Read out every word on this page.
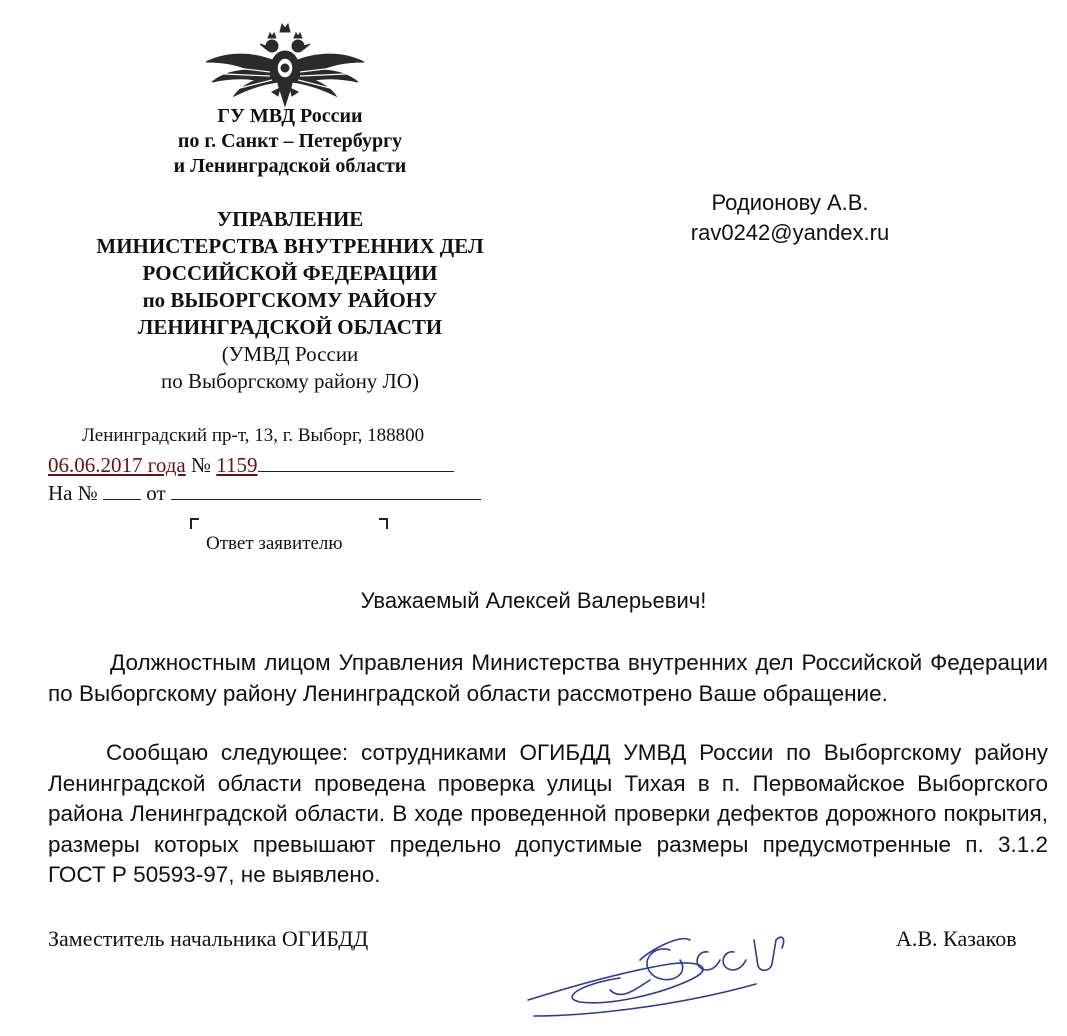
ГУ МВД России
по г. Санкт – Петербургу
и Ленинградской области
УПРАВЛЕНИЕ
МИНИСТЕРСТВА ВНУТРЕННИХ ДЕЛ
РОССИЙСКОЙ ФЕДЕРАЦИИ
по ВЫБОРГСКОМУ РАЙОНУ
ЛЕНИНГРАДСКОЙ ОБЛАСТИ
(УМВД России
по Выборгскому району ЛО)
Ленинградский пр-т, 13, г. Выборг, 188800
06.06.2017 года № 1159
На № от
Ответ заявителю
Родионову А.В.
rav0242@yandex.ru
Уважаемый Алексей Валерьевич!
Должностным лицом Управления Министерства внутренних дел Российской Федерации по Выборгскому району Ленинградской области рассмотрено Ваше обращение.
Сообщаю следующее: сотрудниками ОГИБДД УМВД России по Выборгскому району Ленинградской области проведена проверка улицы Тихая в п. Первомайское Выборгского района Ленинградской области. В ходе проведенной проверки дефектов дорожного покрытия, размеры которых превышают предельно допустимые размеры предусмотренные п. 3.1.2 ГОСТ Р 50593-97, не выявлено.
Заместитель начальника ОГИБДД	А.В. Казаков
